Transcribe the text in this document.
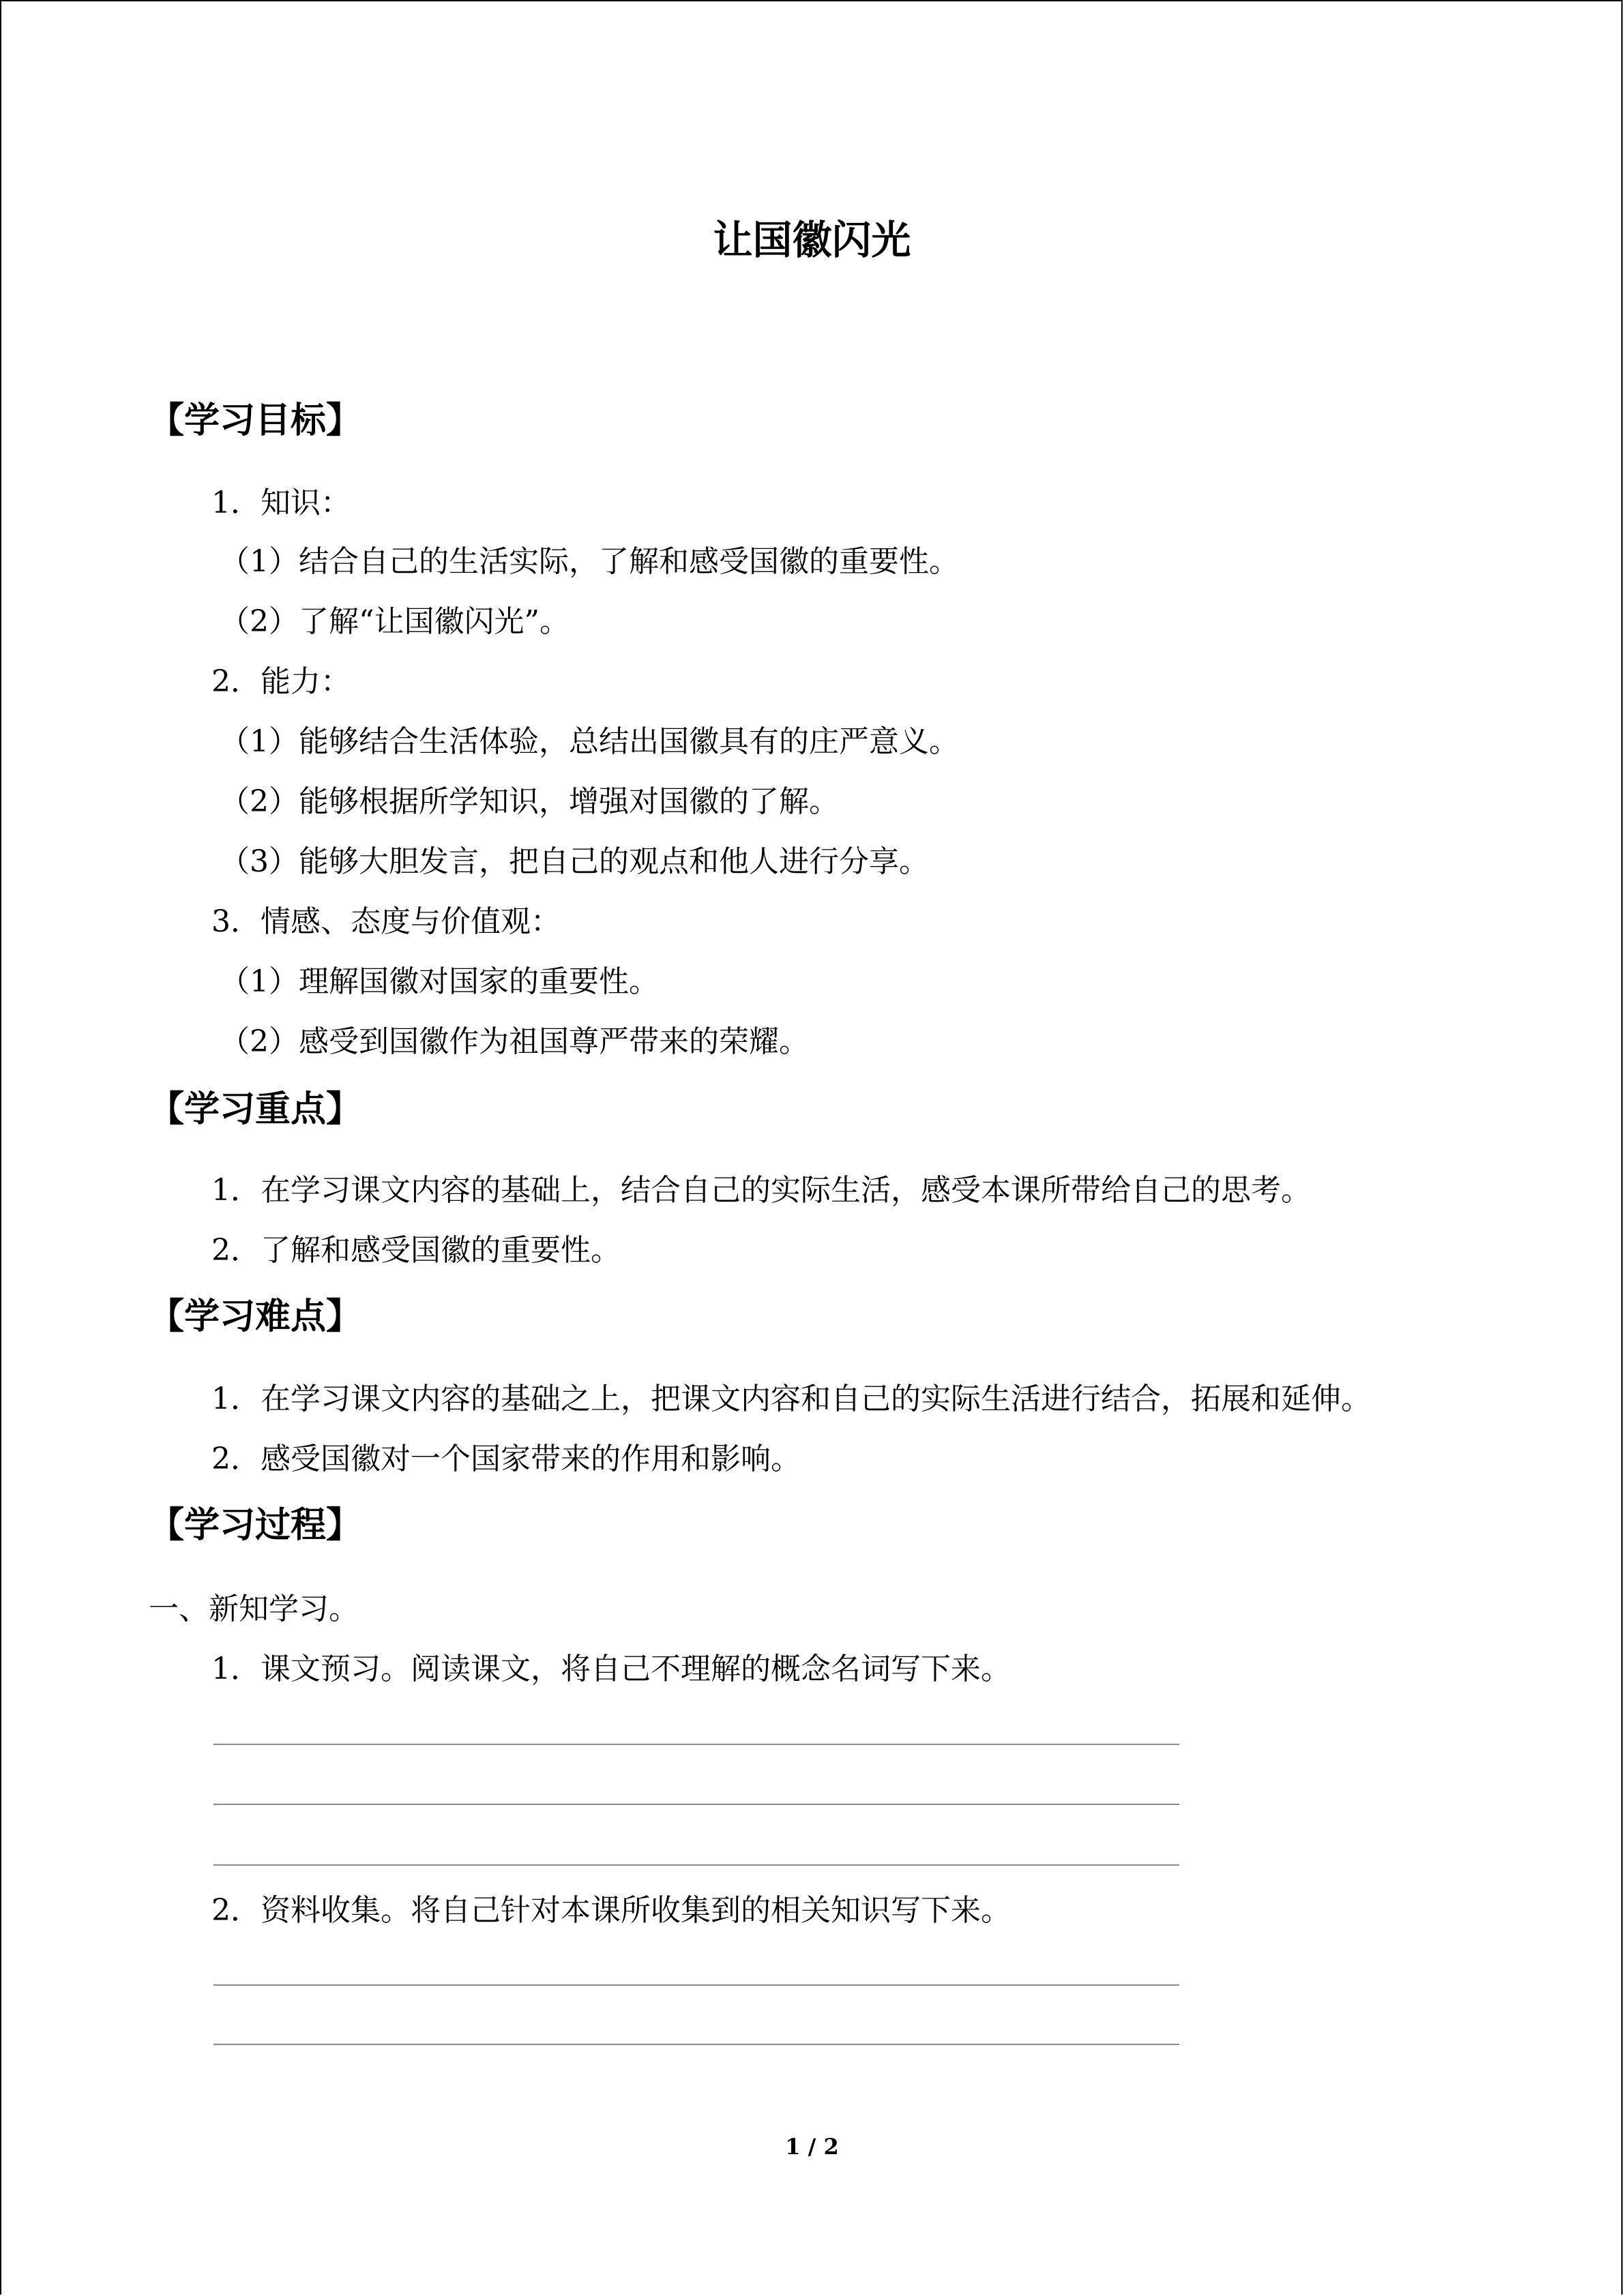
让国徽闪光
【学习目标】
1．知识：
（1）结合自己的生活实际，了解和感受国徽的重要性。
（2）了解“让国徽闪光”。
2．能力：
（1）能够结合生活体验，总结出国徽具有的庄严意义。
（2）能够根据所学知识，增强对国徽的了解。
（3）能够大胆发言，把自己的观点和他人进行分享。
3．情感、态度与价值观：
（1）理解国徽对国家的重要性。
（2）感受到国徽作为祖国尊严带来的荣耀。
【学习重点】
1．在学习课文内容的基础上，结合自己的实际生活，感受本课所带给自己的思考。
2．了解和感受国徽的重要性。
【学习难点】
1．在学习课文内容的基础之上，把课文内容和自己的实际生活进行结合，拓展和延伸。
2．感受国徽对一个国家带来的作用和影响。
【学习过程】
一、新知学习。
1．课文预习。阅读课文，将自己不理解的概念名词写下来。
2．资料收集。将自己针对本课所收集到的相关知识写下来。
1 / 2
